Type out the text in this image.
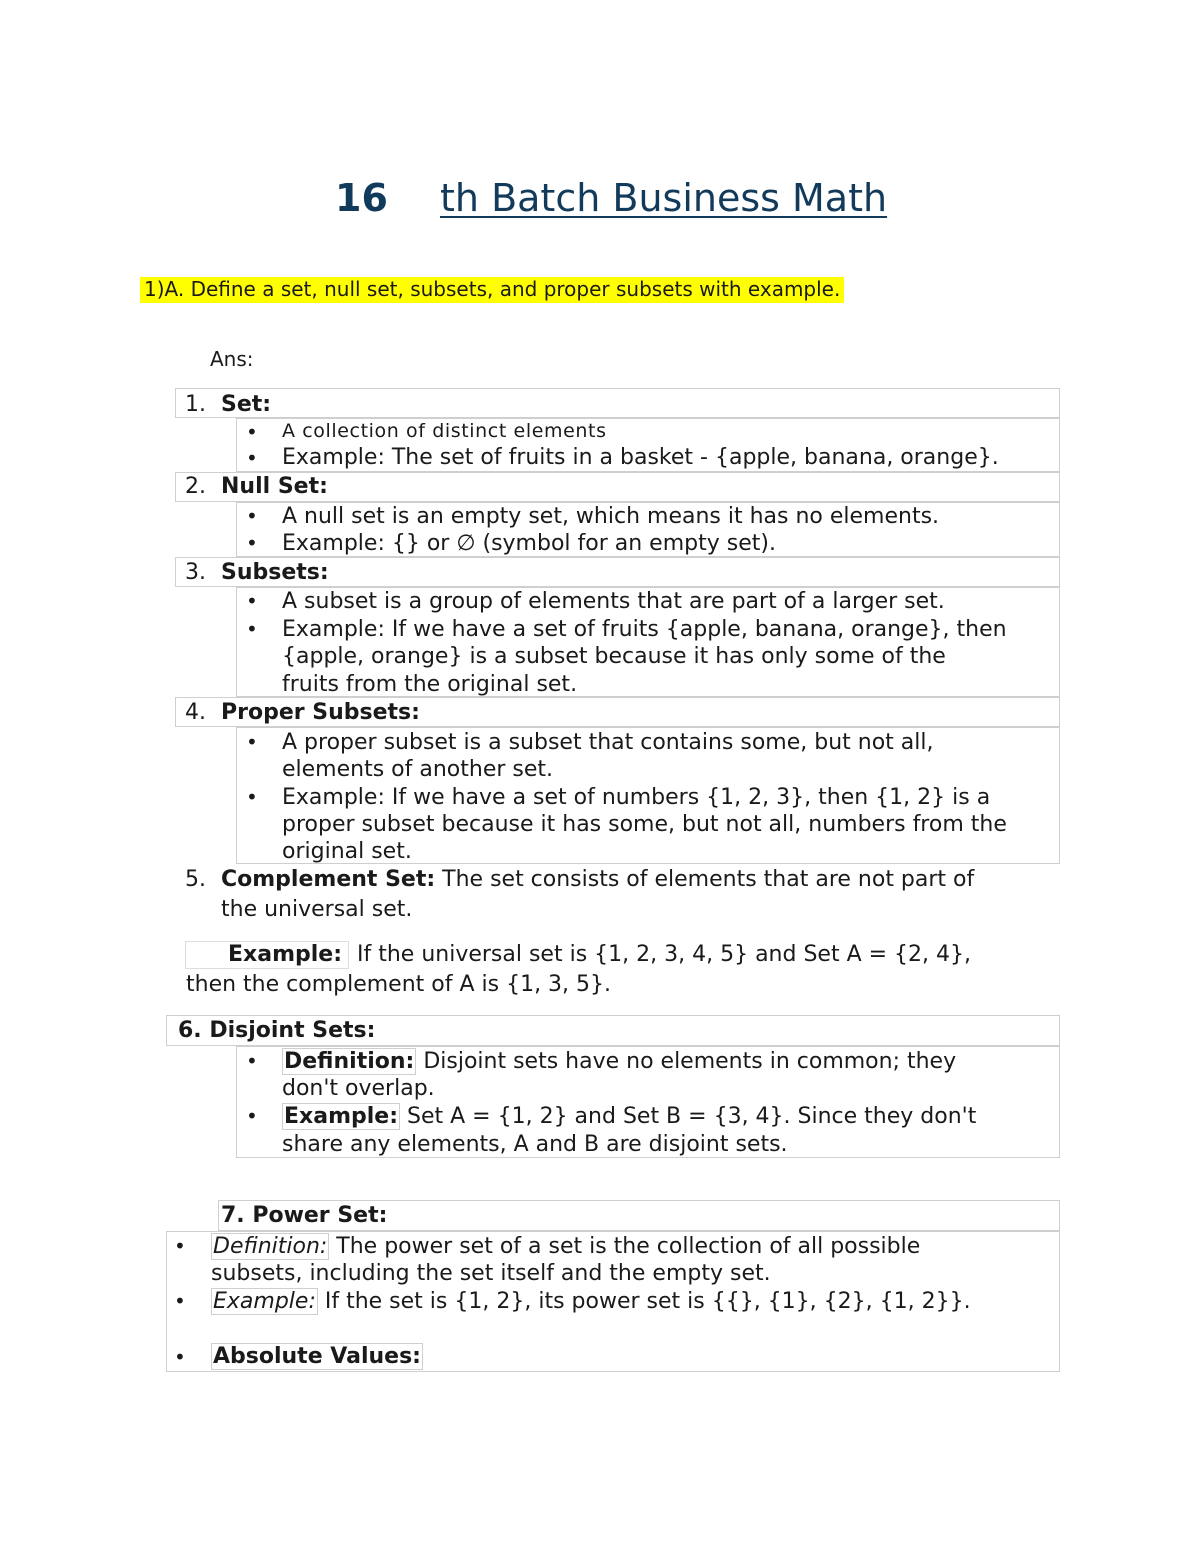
16 th Batch Business Math
1)A. Define a set, null set, subsets, and proper subsets with example.
Ans:
1. Set:
• A collection of distinct elements
• Example: The set of fruits in a basket - {apple, banana, orange}.
2. Null Set:
• A null set is an empty set, which means it has no elements.
• Example: {} or ∅ (symbol for an empty set).
3. Subsets:
• A subset is a group of elements that are part of a larger set.
• Example: If we have a set of fruits {apple, banana, orange}, then
{apple, orange} is a subset because it has only some of the
fruits from the original set.
4. Proper Subsets:
• A proper subset is a subset that contains some, but not all,
elements of another set.
• Example: If we have a set of numbers {1, 2, 3}, then {1, 2} is a
proper subset because it has some, but not all, numbers from the
original set.
5. Complement Set: The set consists of elements that are not part of
the universal set.
Example: If the universal set is {1, 2, 3, 4, 5} and Set A = {2, 4},
then the complement of A is {1, 3, 5}.
6. Disjoint Sets:
• Definition: Disjoint sets have no elements in common; they
don't overlap.
• Example: Set A = {1, 2} and Set B = {3, 4}. Since they don't
share any elements, A and B are disjoint sets.
7. Power Set:
• Definition: The power set of a set is the collection of all possible
subsets, including the set itself and the empty set.
• Example: If the set is {1, 2}, its power set is {{}, {1}, {2}, {1, 2}}.
• Absolute Values:
